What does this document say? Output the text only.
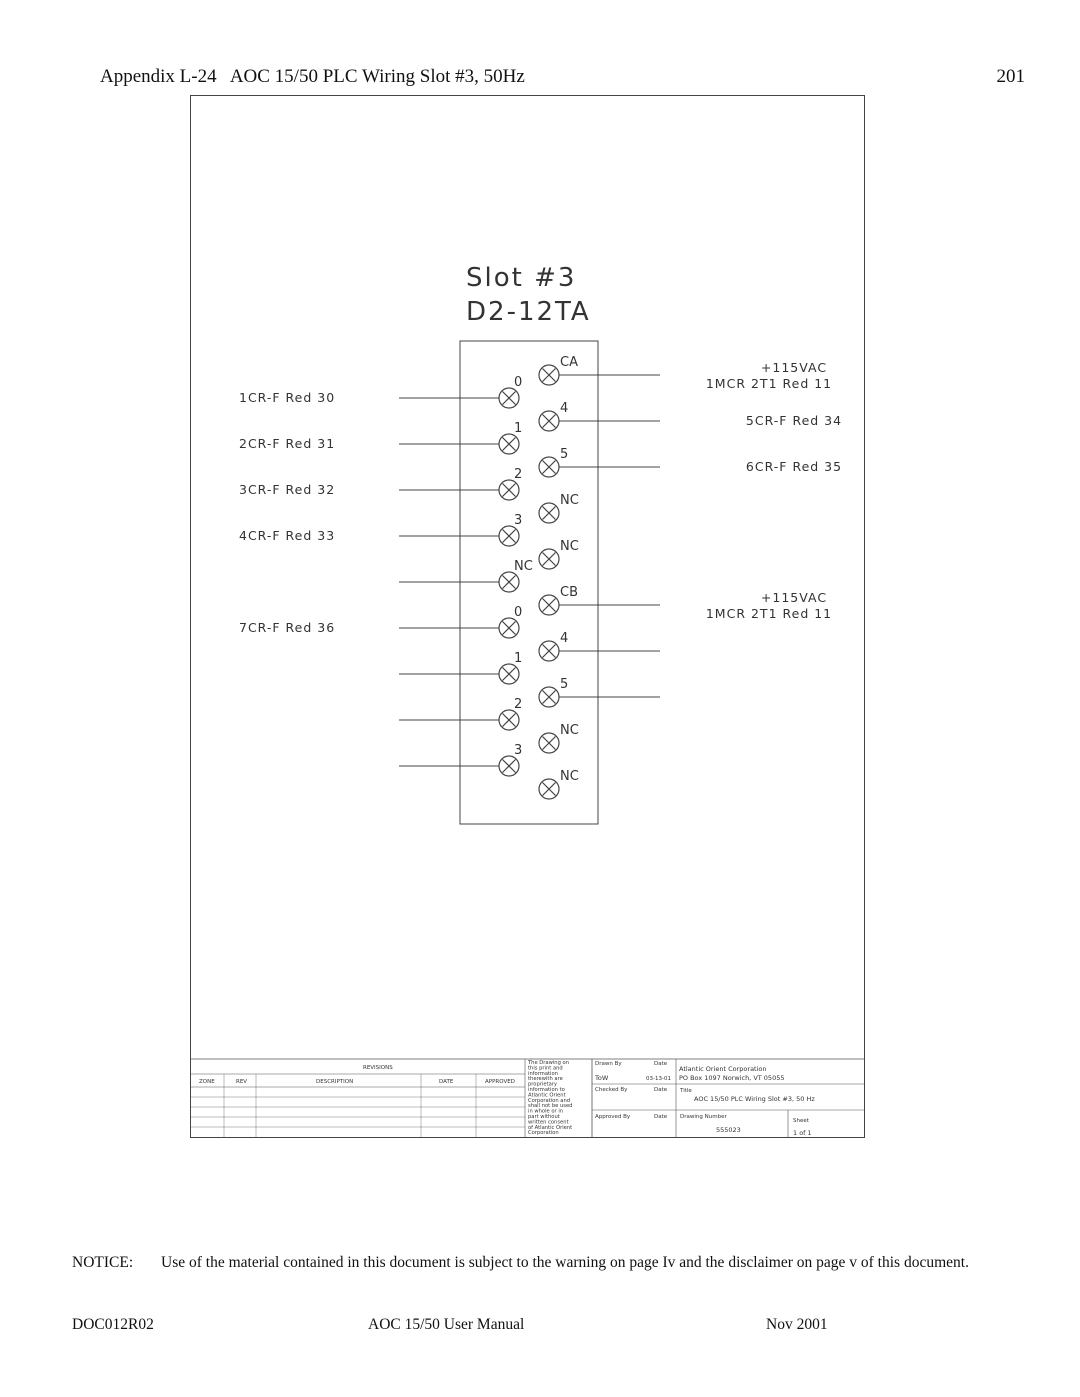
Appendix L-24   AOC 15/50 PLC Wiring Slot #3, 50Hz	201
Slot #3
D2-12TA
0
1CR-F Red 30
1
2CR-F Red 31
2
3CR-F Red 32
3
4CR-F Red 33
NC
0
7CR-F Red 36
1
2
3
CA	+115VAC
1MCR 2T1 Red 11
4
5CR-F Red 34
5
6CR-F Red 35
NC
NC
CB	+115VAC
1MCR 2T1 Red 11
4
5
NC
NC
REVISIONS
ZONE	REV	DESCRIPTION	DATE	APPROVED
The Drawing on
this print and
information
therewith are
proprietary
information to
Atlantic Orient
Corporation and
shall not be used
in whole or in
part without
written consent
of Atlantic Orient
Corporation
Drawn By	Date
ToW	03-13-01
Checked By	Date
Approved By	Date
Atlantic Orient Corporation
PO Box 1097 Norwich, VT 05055
Title
AOC 15/50 PLC Wiring Slot #3, 50 Hz
Drawing Number
555023
Sheet
1 of 1
NOTICE: Use of the material contained in this document is subject to the warning on page Iv and the disclaimer on page v of this document.
DOC012R02	AOC 15/50 User Manual	Nov 2001
